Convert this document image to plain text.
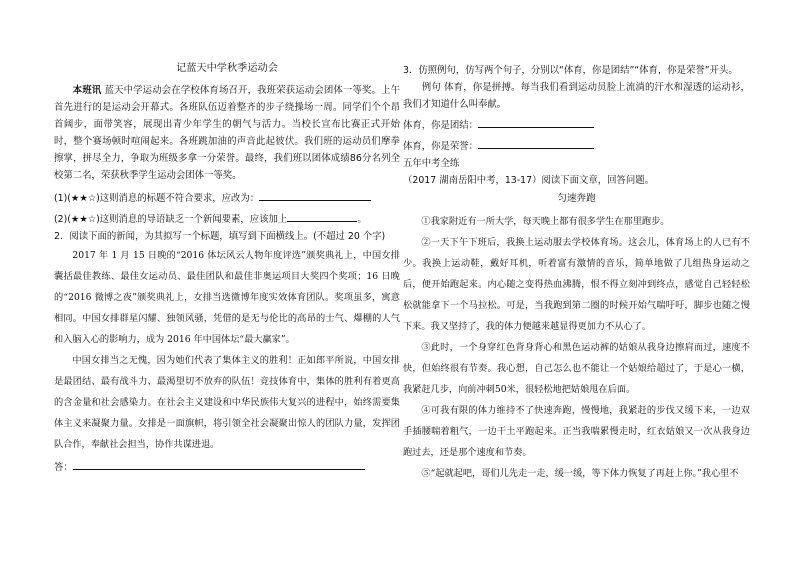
记蓝天中学秋季运动会

本班讯 蓝天中学运动会在学校体育场召开，我班荣获运动会团体一等奖。上午首先进行的是运动会开幕式。各班队伍迈着整齐的步子绕操场一周。同学们个个昂首阔步，面带笑容，展现出青少年学生的朝气与活力。当校长宣布比赛正式开始时，整个赛场顿时喧闹起来。各班跳加油的声音此起彼伏。我们班的运动员们摩拳擦掌，拼尽全力，争取为班级多拿一分荣誉。最终，我们班以团体成绩86分名列全校第二名，荣获秋季学生运动会团体一等奖。

(1)(★★☆)这则消息的标题不符合要求，应改为：

(2)(★★☆)这则消息的导语缺乏一个新闻要素，应该加上	。

2．阅读下面的新闻，为其拟写一个标题，填写到下面横线上。(不超过 20 个字)

2017 年 1 月 15 日晚的“2016 体坛风云人物年度评选”颁奖典礼上，中国女排囊括最佳教练、最佳女运动员、最佳团队和最佳非奥运项目大奖四个奖项；16 日晚的“2016 微博之夜”颁奖典礼上，女排当选微博年度实效体育团队。奖项虽多，寓意相同。中国女排群星闪耀、独领风骚，凭借的是无与伦比的高昂的士气、爆棚的人气和入脑入心的影响力，成为 2016 年中国体坛“最大赢家”。

中国女排当之无愧，因为她们代表了集体主义的胜利！正如郎平所说，中国女排是最团结、最有战斗力、最渴望切不放弃的队伍！竞技体育中，集体的胜利有着更高的含金量和社会感染力。在社会主义建设和中华民族伟大复兴的进程中，始终需要集体主义来凝聚力量。女排是一面旗帜，将引领全社会凝聚出惊人的团队力量，发挥团队合作，奉献社会担当，协作共谋进退。

答：

3．仿照例句，仿写两个句子，分别以“体育，你是团结”“体育，你是荣誉”开头。

例句 体育，你是拼搏。每当我们看到运动员脸上流淌的汗水和湿透的运动衫，我们才知道什么叫奉献。

体育，你是团结：

体育，你是荣誉：

五年中考全练

（2017 湖南岳阳中考，13-17）阅读下面文章，回答问题。

匀速奔跑

①我家附近有一所大学，每天晚上都有很多学生在那里跑步。

②一天下午下班后，我换上运动服去学校体育场。这会儿，体育场上的人已有不少。我换上运动鞋，戴好耳机，听着富有激情的音乐，简单地做了几组热身运动之后，便开始跑起来。内心随之变得热血沸腾，恨不得立刻冲到终点，感觉自己轻轻松松就能拿下一个马拉松。可是，当我跑到第二圈的时候开始气喘吁吁，脚步也随之慢下来。我又坚持了，我的体力便越来越显得更加力不从心了。

③此时，一个身穿红色背身背心和黑色运动裤的姑娘从我身边擦肩而过，速度不快，但始终很有节奏。我心想，自己怎么也不能让一个姑娘给超过了，于是心一横，我紧赶几步，向前冲刺50米，很轻松地把姑娘甩在后面。

④可我有限的体力维持不了快速奔跑，慢慢地，我紧赶的步伐又缓下来，一边双手插腰喘着粗气，一边干土平跑起来。正当我喘累慢走时，红衣姑娘又一次从我身边跑过去，还是那个速度和节奏。

⑤“起就起吧，哥们儿先走一走，缓一缓，等下体力恢复了再赶上你。”我心里不
